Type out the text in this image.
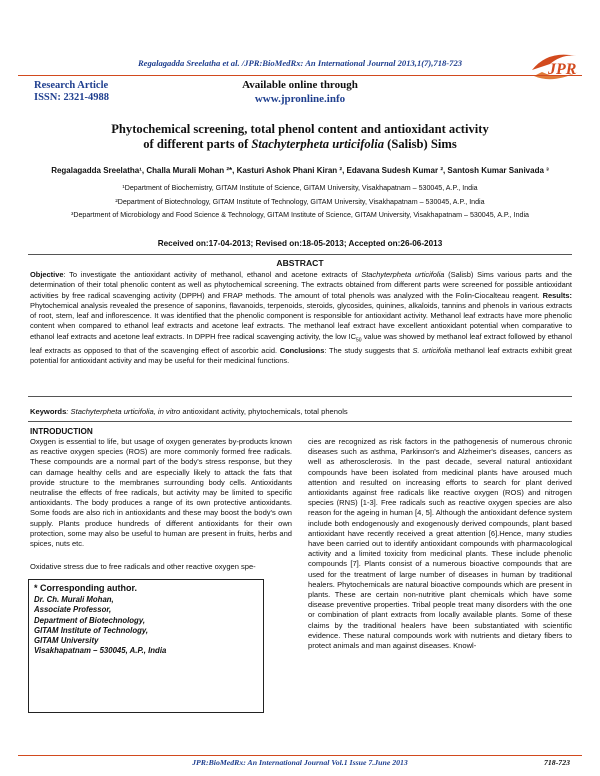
Regalagadda Sreelatha et al. /JPR:BioMedRx: An International Journal 2013,1(7),718-723	JPR
Research Article
ISSN: 2321-4988
Available online through
www.jpronline.info
Phytochemical screening, total phenol content and antioxidant activity
of different parts of Stachyterpheta urticifolia (Salisb) Sims
Regalagadda Sreelatha¹, Challa Murali Mohan ²*, Kasturi Ashok Phani Kiran ², Edavana Sudesh Kumar ², Santosh Kumar Sanivada ³
¹Department of Biochemistry, GITAM Institute of Science, GITAM University, Visakhapatnam – 530045, A.P., India
²Department of Biotechnology, GITAM Institute of Technology, GITAM University, Visakhapatnam – 530045, A.P., India
³Department of Microbiology and Food Science & Technology, GITAM Institute of Science, GITAM University, Visakhapatnam – 530045, A.P., India
Received on:17-04-2013; Revised on:18-05-2013; Accepted on:26-06-2013
ABSTRACT
Objective: To investigate the antioxidant activity of methanol, ethanol and acetone extracts of Stachyterpheta urticifolia (Salisb) Sims various parts and the determination of their total phenolic content as well as phytochemical screening. The extracts obtained from different parts were screened for possible antioxidant activities by free radical scavenging activity (DPPH) and FRAP methods. The amount of total phenols was analyzed with the Folin-Ciocalteau reagent. Results: Phytochemical analysis revealed the presence of saponins, flavanoids, terpenoids, steroids, glycosides, quinines, alkaloids, tannins and phenols in various extracts of root, stem, leaf and inflorescence. It was identified that the phenolic component is responsible for antioxidant activity. Methanol leaf extracts have more phenolic content when compared to ethanol leaf extracts and acetone leaf extracts. The methanol leaf extract have excellent antioxidant potential when comparative to ethanol leaf extracts and acetone leaf extracts. In DPPH free radical scavenging activity, the low $IC_{50}$ value was showed by methanol leaf extract followed by ethanol leaf extracts as opposed to that of the scavenging effect of ascorbic acid. Conclusions: The study suggests that S. urticifolia methanol leaf extracts exhibit great potential for antioxidant activity and may be useful for their medicinal functions.
Keywords: Stachyterpheta urticifolia, in vitro antioxidant activity, phytochemicals, total phenols
INTRODUCTION

Oxygen is essential to life, but usage of oxygen generates by-products known as reactive oxygen species (ROS) are more commonly formed free radicals. These compounds are a normal part of the body's stress response, but they can damage healthy cells and are especially likely to attack the fats that provide structure to the membranes surrounding body cells. Antioxidants neutralise the effects of free radicals, but activity may be limited to specific antioxidants. The body produces a range of its own protective antioxidants. Some foods are also rich in antioxidants and these may boost the body's own supply. Plants produce hundreds of different antioxidants for their own protection, some may also be useful to human are present in fruits, herbs and spices, nuts etc.

Oxidative stress due to free radicals and other reactive oxygen spe-

* Corresponding author.
Dr. Ch. Murali Mohan,
Associate Professor,
Department of Biotechnology,
GITAM Institute of Technology,
GITAM University
Visakhapatnam – 530045, A.P., India

cies are recognized as risk factors in the pathogenesis of numerous chronic diseases such as asthma, Parkinson's and Alzheimer's diseases, cancers as well as atherosclerosis. In the past decade, several natural antioxidant compounds have been isolated from medicinal plants have aroused much attention and resulted on increasing efforts to search for plant derived antioxidants against free radicals like reactive oxygen (ROS) and nitrogen species (RNS) [1-3]. Free radicals such as reactive oxygen species are also reason for the ageing in human [4, 5]. Although the antioxidant defence system include both endogenously and exogenously derived compounds, plant based antioxidant have recently received a great attention [6].Hence, many studies have been carried out to identify antioxidant compounds with pharmacological activity and a limited toxicity from medicinal plants. These include phenolic compounds [7]. Plants consist of a numerous bioactive compounds that are used for the treatment of large number of diseases in human by traditional healers. Phytochemicals are natural bioactive compounds which are present in plants. These are certain non-nutritive plant chemicals which have some disease preventive properties. Tribal people treat many disorders with the one or combination of plant extracts from locally available plants. Some of these claims by the traditional healers have been substantiated with scientific evidence. These natural compounds work with nutrients and dietary fibers to protect animals and man against diseases. Knowl-

JPR:BioMedRx: An International Journal Vol.1 Issue 7.June 2013	718-723
